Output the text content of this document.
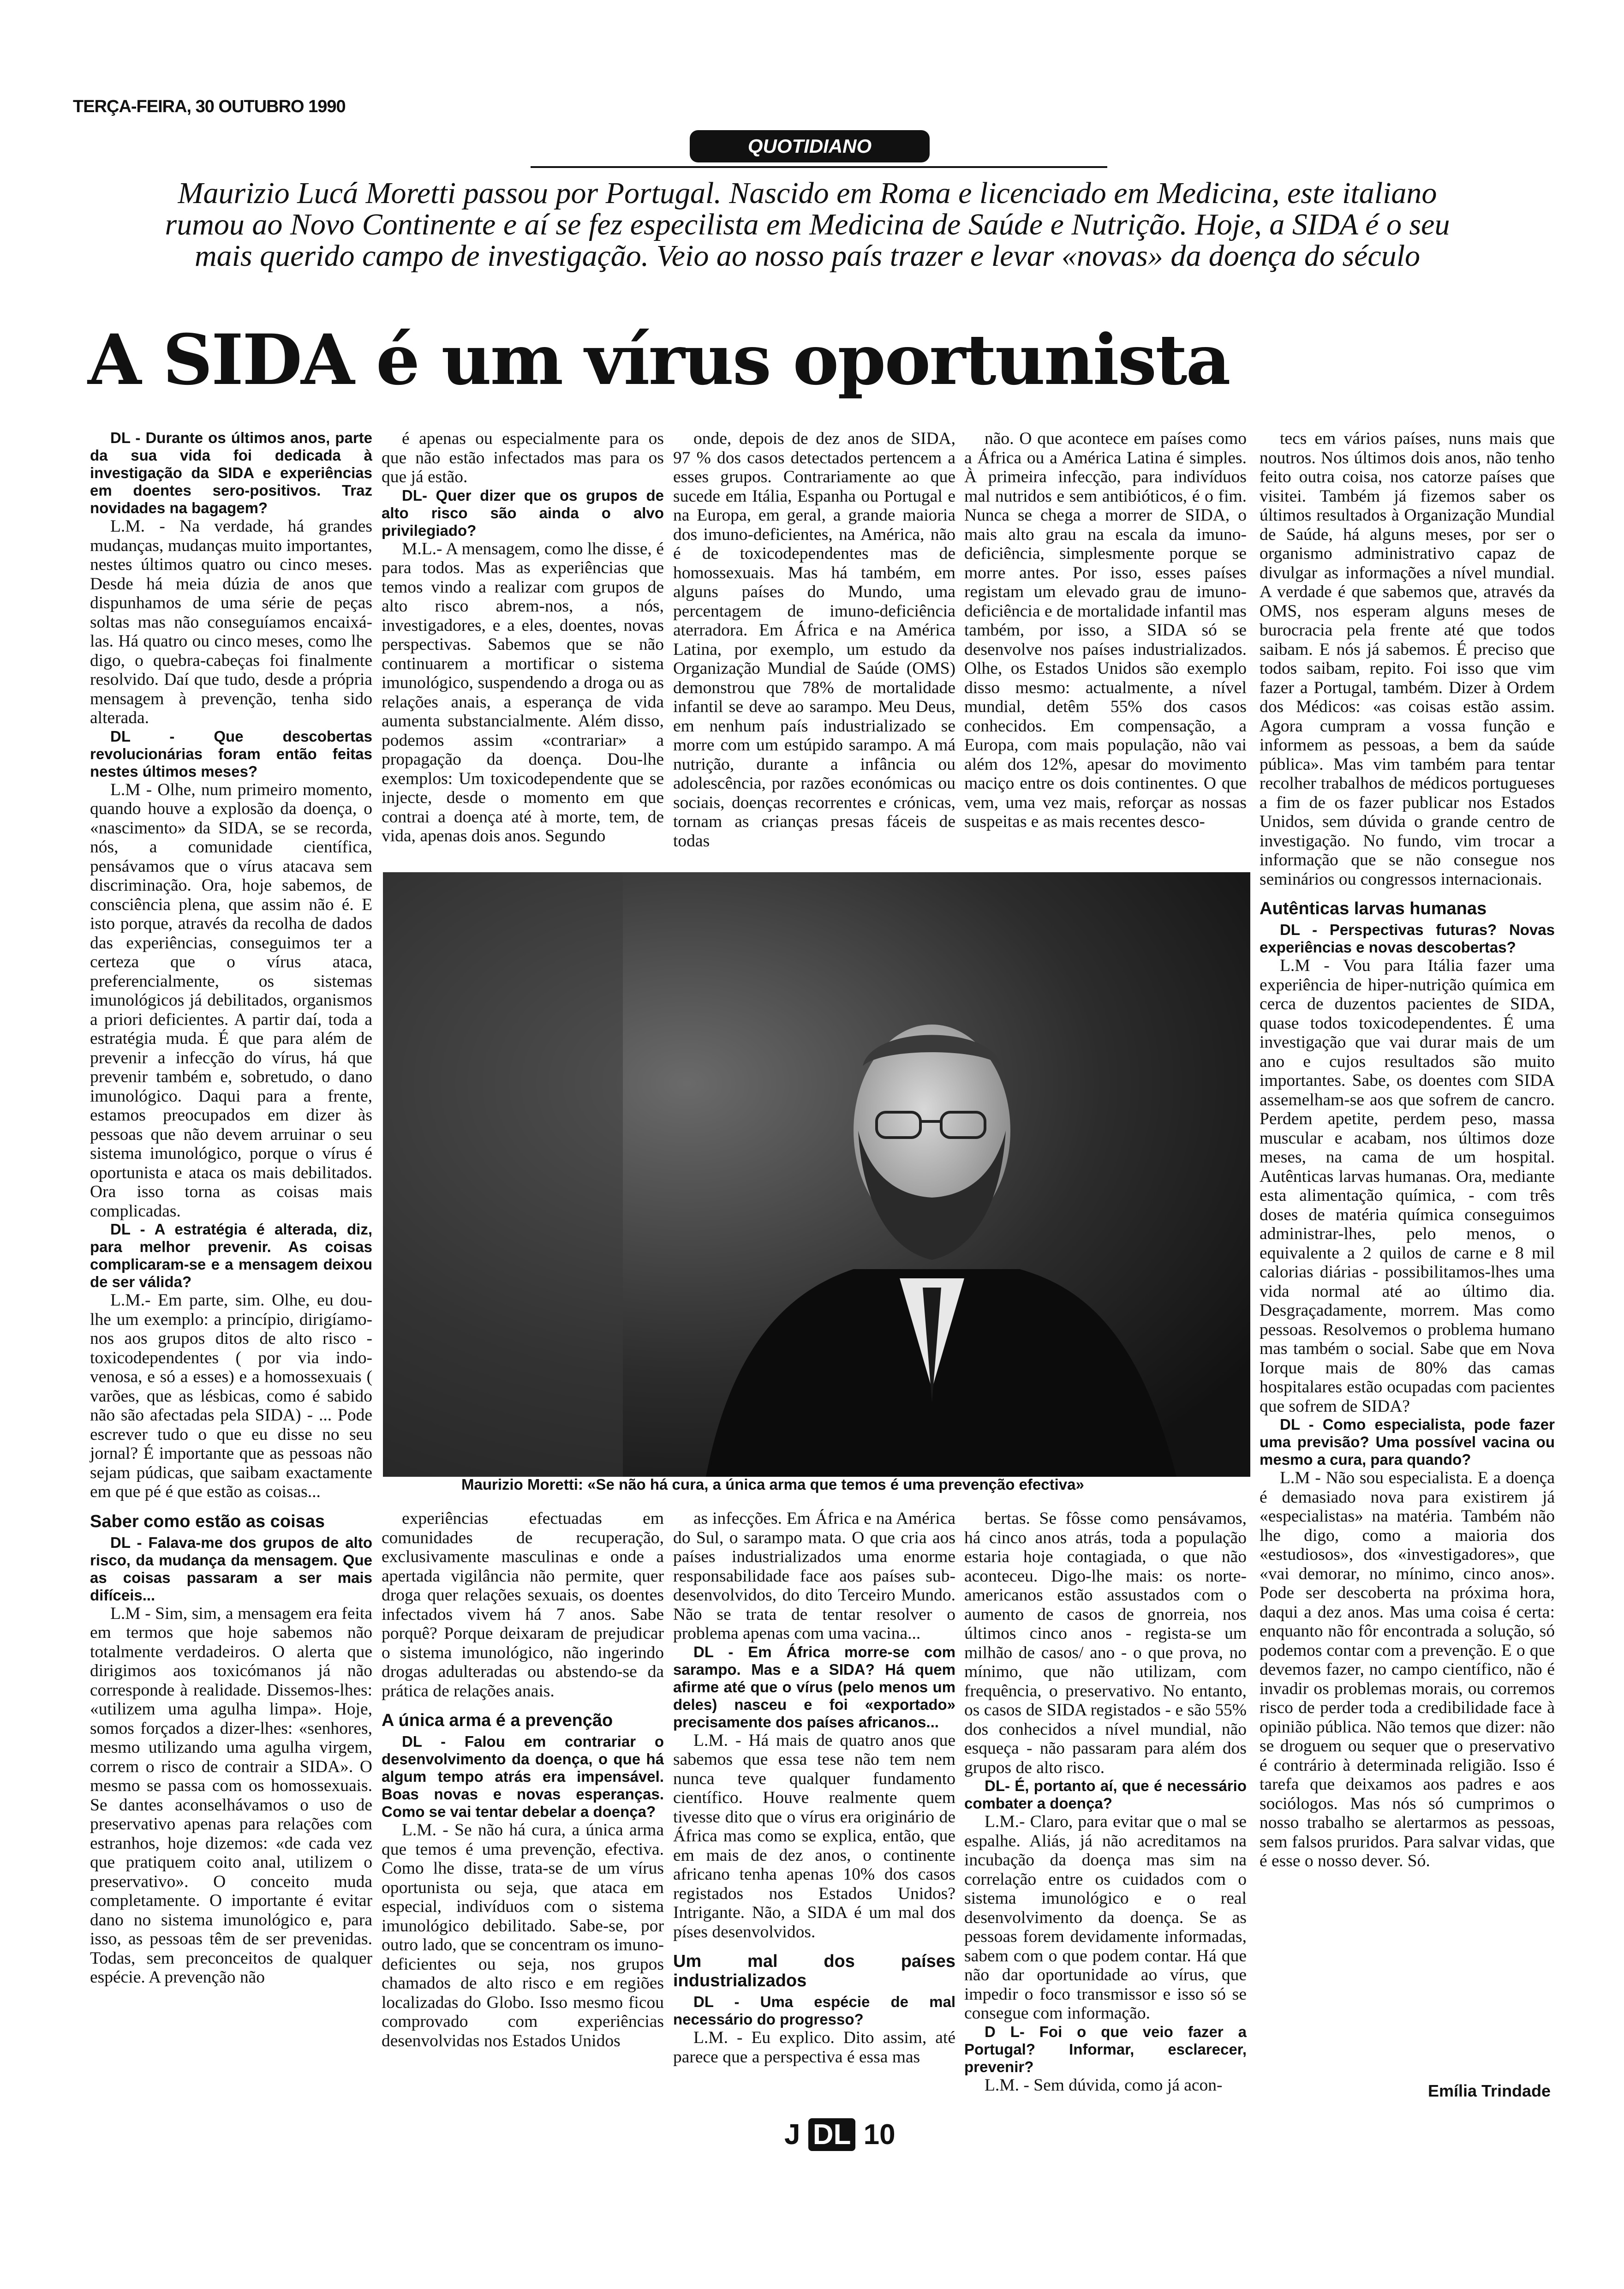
TERÇA-FEIRA, 30 OUTUBRO 1990
QUOTIDIANO
Maurizio Lucá Moretti passou por Portugal. Nascido em Roma e licenciado em Medicina, este italiano rumou ao Novo Continente e aí se fez especilista em Medicina de Saúde e Nutrição. Hoje, a SIDA é o seu mais querido campo de investigação. Veio ao nosso país trazer e levar «novas» da doença do século
A SIDA é um vírus oportunista

DL - Durante os últimos anos, parte da sua vida foi dedicada à investigação da SIDA e experiências em doentes sero-positivos. Traz novidades na bagagem?

L.M. - Na verdade, há grandes mudanças, mudanças muito importantes, nestes últimos quatro ou cinco meses. Desde há meia dúzia de anos que dispunhamos de uma série de peças soltas mas não conseguíamos encaixá-las. Há quatro ou cinco meses, como lhe digo, o quebra-cabeças foi finalmente resolvido. Daí que tudo, desde a própria mensagem à prevenção, tenha sido alterada.

DL - Que descobertas revolucionárias foram então feitas nestes últimos meses?

L.M - Olhe, num primeiro momento, quando houve a explosão da doença, o «nascimento» da SIDA, se se recorda, nós, a comunidade científica, pensávamos que o vírus atacava sem discriminação. Ora, hoje sabemos, de consciência plena, que assim não é. E isto porque, através da recolha de dados das experiências, conseguimos ter a certeza que o vírus ataca, preferencialmente, os sistemas imunológicos já debilitados, organismos a priori deficientes. A partir daí, toda a estratégia muda. É que para além de prevenir a infecção do vírus, há que prevenir também e, sobretudo, o dano imunológico. Daqui para a frente, estamos preocupados em dizer às pessoas que não devem arruinar o seu sistema imunológico, porque o vírus é oportunista e ataca os mais debilitados. Ora isso torna as coisas mais complicadas.

DL - A estratégia é alterada, diz, para melhor prevenir. As coisas complicaram-se e a mensagem deixou de ser válida?

L.M.- Em parte, sim. Olhe, eu dou-lhe um exemplo: a princípio, dirigíamo-nos aos grupos ditos de alto risco - toxicodependentes ( por via indo-venosa, e só a esses) e a homossexuais ( varões, que as lésbicas, como é sabido não são afectadas pela SIDA) - ... Pode escrever tudo o que eu disse no seu jornal? É importante que as pessoas não sejam púdicas, que saibam exactamente em que pé é que estão as coisas...

Saber como estão as coisas

DL - Falava-me dos grupos de alto risco, da mudança da mensagem. Que as coisas passaram a ser mais difíceis...

L.M - Sim, sim, a mensagem era feita em termos que hoje sabemos não totalmente verdadeiros. O alerta que dirigimos aos toxicómanos já não corresponde à realidade. Dissemos-lhes: «utilizem uma agulha limpa». Hoje, somos forçados a dizer-lhes: «senhores, mesmo utilizando uma agulha virgem, correm o risco de contrair a SIDA». O mesmo se passa com os homossexuais. Se dantes aconselhávamos o uso de preservativo apenas para relações com estranhos, hoje dizemos: «de cada vez que pratiquem coito anal, utilizem o preservativo». O conceito muda completamente. O importante é evitar dano no sistema imunológico e, para isso, as pessoas têm de ser prevenidas. Todas, sem preconceitos de qualquer espécie. A prevenção não

é apenas ou especialmente para os que não estão infectados mas para os que já estão.

DL- Quer dizer que os grupos de alto risco são ainda o alvo privilegiado?

M.L.- A mensagem, como lhe disse, é para todos. Mas as experiências que temos vindo a realizar com grupos de alto risco abrem-nos, a nós, investigadores, e a eles, doentes, novas perspectivas. Sabemos que se não continuarem a mortificar o sistema imunológico, suspendendo a droga ou as relações anais, a esperança de vida aumenta substancialmente. Além disso, podemos assim «contrariar» a propagação da doença. Dou-lhe exemplos: Um toxicodependente que se injecte, desde o momento em que contrai a doença até à morte, tem, de vida, apenas dois anos. Segundo

onde, depois de dez anos de SIDA, 97 % dos casos detectados pertencem a esses grupos. Contrariamente ao que sucede em Itália, Espanha ou Portugal e na Europa, em geral, a grande maioria dos imuno-deficientes, na América, não é de toxicodependentes mas de homossexuais. Mas há também, em alguns países do Mundo, uma percentagem de imuno-deficiência aterradora. Em África e na América Latina, por exemplo, um estudo da Organização Mundial de Saúde (OMS) demonstrou que 78% de mortalidade infantil se deve ao sarampo. Meu Deus, em nenhum país industrializado se morre com um estúpido sarampo. A má nutrição, durante a infância ou adolescência, por razões económicas ou sociais, doenças recorrentes e crónicas, tornam as crianças presas fáceis de todas

não. O que acontece em países como a África ou a América Latina é simples. À primeira infecção, para indivíduos mal nutridos e sem antibióticos, é o fim. Nunca se chega a morrer de SIDA, o mais alto grau na escala da imuno-deficiência, simplesmente porque se morre antes. Por isso, esses países registam um elevado grau de imuno-deficiência e de mortalidade infantil mas também, por isso, a SIDA só se desenvolve nos países industrializados. Olhe, os Estados Unidos são exemplo disso mesmo: actualmente, a nível mundial, detêm 55% dos casos conhecidos. Em compensação, a Europa, com mais população, não vai além dos 12%, apesar do movimento maciço entre os dois continentes. O que vem, uma vez mais, reforçar as nossas suspeitas e as mais recentes desco-

tecs em vários países, nuns mais que noutros. Nos últimos dois anos, não tenho feito outra coisa, nos catorze países que visitei. Também já fizemos saber os últimos resultados à Organização Mundial de Saúde, há alguns meses, por ser o organismo administrativo capaz de divulgar as informações a nível mundial. A verdade é que sabemos que, através da OMS, nos esperam alguns meses de burocracia pela frente até que todos saibam. E nós já sabemos. É preciso que todos saibam, repito. Foi isso que vim fazer a Portugal, também. Dizer à Ordem dos Médicos: «as coisas estão assim. Agora cumpram a vossa função e informem as pessoas, a bem da saúde pública». Mas vim também para tentar recolher trabalhos de médicos portugueses a fim de os fazer publicar nos Estados Unidos, sem dúvida o grande centro de investigação. No fundo, vim trocar a informação que se não consegue nos seminários ou congressos internacionais.

Autênticas larvas humanas

DL - Perspectivas futuras? Novas experiências e novas descobertas?

L.M - Vou para Itália fazer uma experiência de hiper-nutrição química em cerca de duzentos pacientes de SIDA, quase todos toxicodependentes. É uma investigação que vai durar mais de um ano e cujos resultados são muito importantes. Sabe, os doentes com SIDA assemelham-se aos que sofrem de cancro. Perdem apetite, perdem peso, massa muscular e acabam, nos últimos doze meses, na cama de um hospital. Autênticas larvas humanas. Ora, mediante esta alimentação química, - com três doses de matéria química conseguimos administrar-lhes, pelo menos, o equivalente a 2 quilos de carne e 8 mil calorias diárias - possibilitamos-lhes uma vida normal até ao último dia. Desgraçadamente, morrem. Mas como pessoas. Resolvemos o problema humano mas também o social. Sabe que em Nova Iorque mais de 80% das camas hospitalares estão ocupadas com pacientes que sofrem de SIDA?

DL - Como especialista, pode fazer uma previsão? Uma possível vacina ou mesmo a cura, para quando?

L.M - Não sou especialista. E a doença é demasiado nova para existirem já «especialistas» na matéria. Também não lhe digo, como a maioria dos «estudiosos», dos «investigadores», que «vai demorar, no mínimo, cinco anos». Pode ser descoberta na próxima hora, daqui a dez anos. Mas uma coisa é certa: enquanto não fôr encontrada a solução, só podemos contar com a prevenção. E o que devemos fazer, no campo científico, não é invadir os problemas morais, ou corremos risco de perder toda a credibilidade face à opinião pública. Não temos que dizer: não se droguem ou sequer que o preservativo é contrário à determinada religião. Isso é tarefa que deixamos aos padres e aos sociólogos. Mas nós só cumprimos o nosso trabalho se alertarmos as pessoas, sem falsos pruridos. Para salvar vidas, que é esse o nosso dever. Só.

Maurizio Moretti: «Se não há cura, a única arma que temos é uma prevenção efectiva»

experiências efectuadas em comunidades de recuperação, exclusivamente masculinas e onde a apertada vigilância não permite, quer droga quer relações sexuais, os doentes infectados vivem há 7 anos. Sabe porquê? Porque deixaram de prejudicar o sistema imunológico, não ingerindo drogas adulteradas ou abstendo-se da prática de relações anais.

A única arma é a prevenção

DL - Falou em contrariar o desenvolvimento da doença, o que há algum tempo atrás era impensável. Boas novas e novas esperanças. Como se vai tentar debelar a doença?

L.M. - Se não há cura, a única arma que temos é uma prevenção, efectiva. Como lhe disse, trata-se de um vírus oportunista ou seja, que ataca em especial, indivíduos com o sistema imunológico debilitado. Sabe-se, por outro lado, que se concentram os imuno-deficientes ou seja, nos grupos chamados de alto risco e em regiões localizadas do Globo. Isso mesmo ficou comprovado com experiências desenvolvidas nos Estados Unidos

as infecções. Em África e na América do Sul, o sarampo mata. O que cria aos países industrializados uma enorme responsabilidade face aos países sub-desenvolvidos, do dito Terceiro Mundo. Não se trata de tentar resolver o problema apenas com uma vacina...

DL - Em África morre-se com sarampo. Mas e a SIDA? Há quem afirme até que o vírus (pelo menos um deles) nasceu e foi «exportado» precisamente dos países africanos...

L.M. - Há mais de quatro anos que sabemos que essa tese não tem nem nunca teve qualquer fundamento científico. Houve realmente quem tivesse dito que o vírus era originário de África mas como se explica, então, que em mais de dez anos, o continente africano tenha apenas 10% dos casos registados nos Estados Unidos? Intrigante. Não, a SIDA é um mal dos píses desenvolvidos.

Um mal dos países industrializados

DL - Uma espécie de mal necessário do progresso?

L.M. - Eu explico. Dito assim, até parece que a perspectiva é essa mas

bertas. Se fôsse como pensávamos, há cinco anos atrás, toda a população estaria hoje contagiada, o que não aconteceu. Digo-lhe mais: os norte-americanos estão assustados com o aumento de casos de gnorreia, nos últimos cinco anos - regista-se um milhão de casos/ ano - o que prova, no mínimo, que não utilizam, com frequência, o preservativo. No entanto, os casos de SIDA registados - e são 55% dos conhecidos a nível mundial, não esqueça - não passaram para além dos grupos de alto risco.

DL- É, portanto aí, que é necessário combater a doença?

L.M.- Claro, para evitar que o mal se espalhe. Aliás, já não acreditamos na incubação da doença mas sim na correlação entre os cuidados com o sistema imunológico e o real desenvolvimento da doença. Se as pessoas forem devidamente informadas, sabem com o que podem contar. Há que não dar oportunidade ao vírus, que impedir o foco transmissor e isso só se consegue com informação.

D L- Foi o que veio fazer a Portugal? Informar, esclarecer, prevenir?

L.M. - Sem dúvida, como já acon-	Emília Trindade
J DL 10
